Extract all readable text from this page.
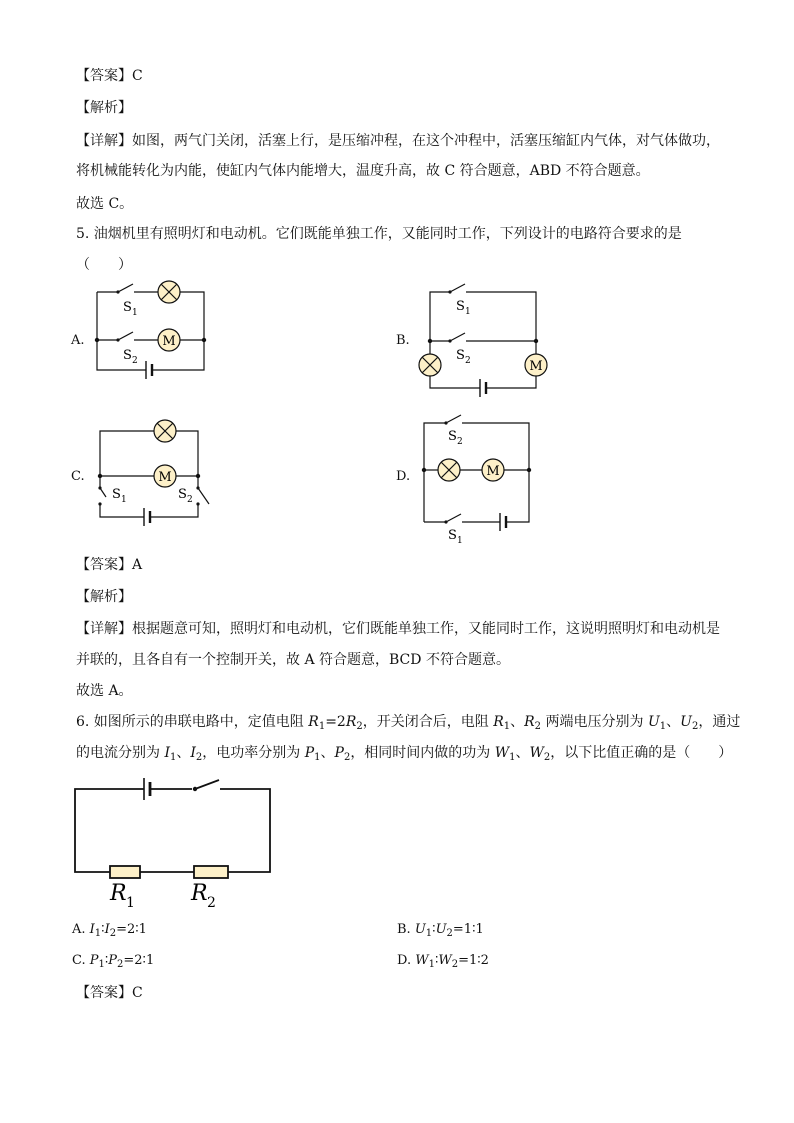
【答案】C
【解析】
【详解】如图，两气门关闭，活塞上行，是压缩冲程，在这个冲程中，活塞压缩缸内气体，对气体做功，
将机械能转化为内能，使缸内气体内能增大，温度升高，故 C 符合题意，ABD 不符合题意。
故选 C。
5. 油烟机里有照明灯和电动机。它们既能单独工作，又能同时工作，下列设计的电路符合要求的是
（　　）
A.	B.
C.	D.
M
S 1
S 2	M
S 1
S 2
M
S 1	S 2
M
S 2
S 1
【答案】A
【解析】
【详解】根据题意可知，照明灯和电动机，它们既能单独工作，又能同时工作，这说明照明灯和电动机是
并联的，且各自有一个控制开关，故 A 符合题意，BCD 不符合题意。
故选 A。
6. 如图所示的串联电路中，定值电阻 $R_1=2R_2$，开关闭合后，电阻 $R_1$、$R_2$ 两端电压分别为 $U_1$、$U_2$，通过
的电流分别为 $I_1$、$I_2$，电功率分别为 $P_1$、$P_2$，相同时间内做的功为 $W_1$、$W_2$，以下比值正确的是（　　）
R 1	R 2
A. $I_1∶I_2=2∶1$	B. $U_1∶U_2=1∶1$
C. $P_1∶P_2=2∶1$	D. $W_1∶W_2=1∶2$
【答案】C
